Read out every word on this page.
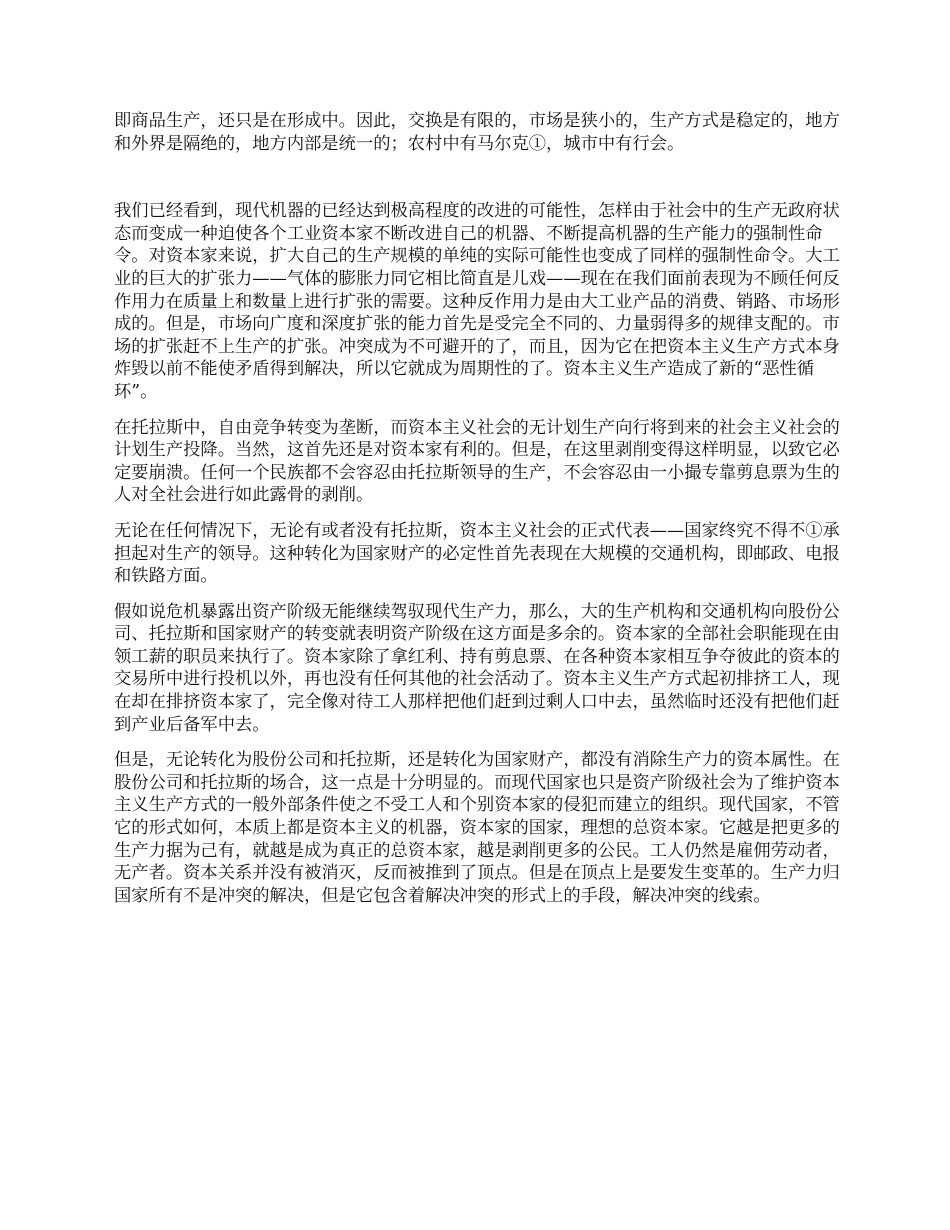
即商品生产，还只是在形成中。因此，交换是有限的，市场是狭小的，生产方式是稳定的，地方和外界是隔绝的，地方内部是统一的；农村中有马尔克①，城市中有行会。

我们已经看到，现代机器的已经达到极高程度的改进的可能性，怎样由于社会中的生产无政府状态而变成一种迫使各个工业资本家不断改进自己的机器、不断提高机器的生产能力的强制性命令。对资本家来说，扩大自己的生产规模的单纯的实际可能性也变成了同样的强制性命令。大工业的巨大的扩张力——气体的膨胀力同它相比简直是儿戏——现在在我们面前表现为不顾任何反作用力在质量上和数量上进行扩张的需要。这种反作用力是由大工业产品的消费、销路、市场形成的。但是，市场向广度和深度扩张的能力首先是受完全不同的、力量弱得多的规律支配的。市场的扩张赶不上生产的扩张。冲突成为不可避开的了，而且，因为它在把资本主义生产方式本身炸毁以前不能使矛盾得到解决，所以它就成为周期性的了。资本主义生产造成了新的“恶性循环”。

在托拉斯中，自由竞争转变为垄断，而资本主义社会的无计划生产向行将到来的社会主义社会的计划生产投降。当然，这首先还是对资本家有利的。但是，在这里剥削变得这样明显，以致它必定要崩溃。任何一个民族都不会容忍由托拉斯领导的生产，不会容忍由一小撮专靠剪息票为生的人对全社会进行如此露骨的剥削。

无论在任何情况下，无论有或者没有托拉斯，资本主义社会的正式代表——国家终究不得不①承担起对生产的领导。这种转化为国家财产的必定性首先表现在大规模的交通机构，即邮政、电报和铁路方面。

假如说危机暴露出资产阶级无能继续驾驭现代生产力，那么，大的生产机构和交通机构向股份公司、托拉斯和国家财产的转变就表明资产阶级在这方面是多余的。资本家的全部社会职能现在由领工薪的职员来执行了。资本家除了拿红利、持有剪息票、在各种资本家相互争夺彼此的资本的交易所中进行投机以外，再也没有任何其他的社会活动了。资本主义生产方式起初排挤工人，现在却在排挤资本家了，完全像对待工人那样把他们赶到过剩人口中去，虽然临时还没有把他们赶到产业后备军中去。

但是，无论转化为股份公司和托拉斯，还是转化为国家财产，都没有消除生产力的资本属性。在股份公司和托拉斯的场合，这一点是十分明显的。而现代国家也只是资产阶级社会为了维护资本主义生产方式的一般外部条件使之不受工人和个别资本家的侵犯而建立的组织。现代国家，不管它的形式如何，本质上都是资本主义的机器，资本家的国家，理想的总资本家。它越是把更多的生产力据为己有，就越是成为真正的总资本家，越是剥削更多的公民。工人仍然是雇佣劳动者，无产者。资本关系并没有被消灭，反而被推到了顶点。但是在顶点上是要发生变革的。生产力归国家所有不是冲突的解决，但是它包含着解决冲突的形式上的手段，解决冲突的线索。
